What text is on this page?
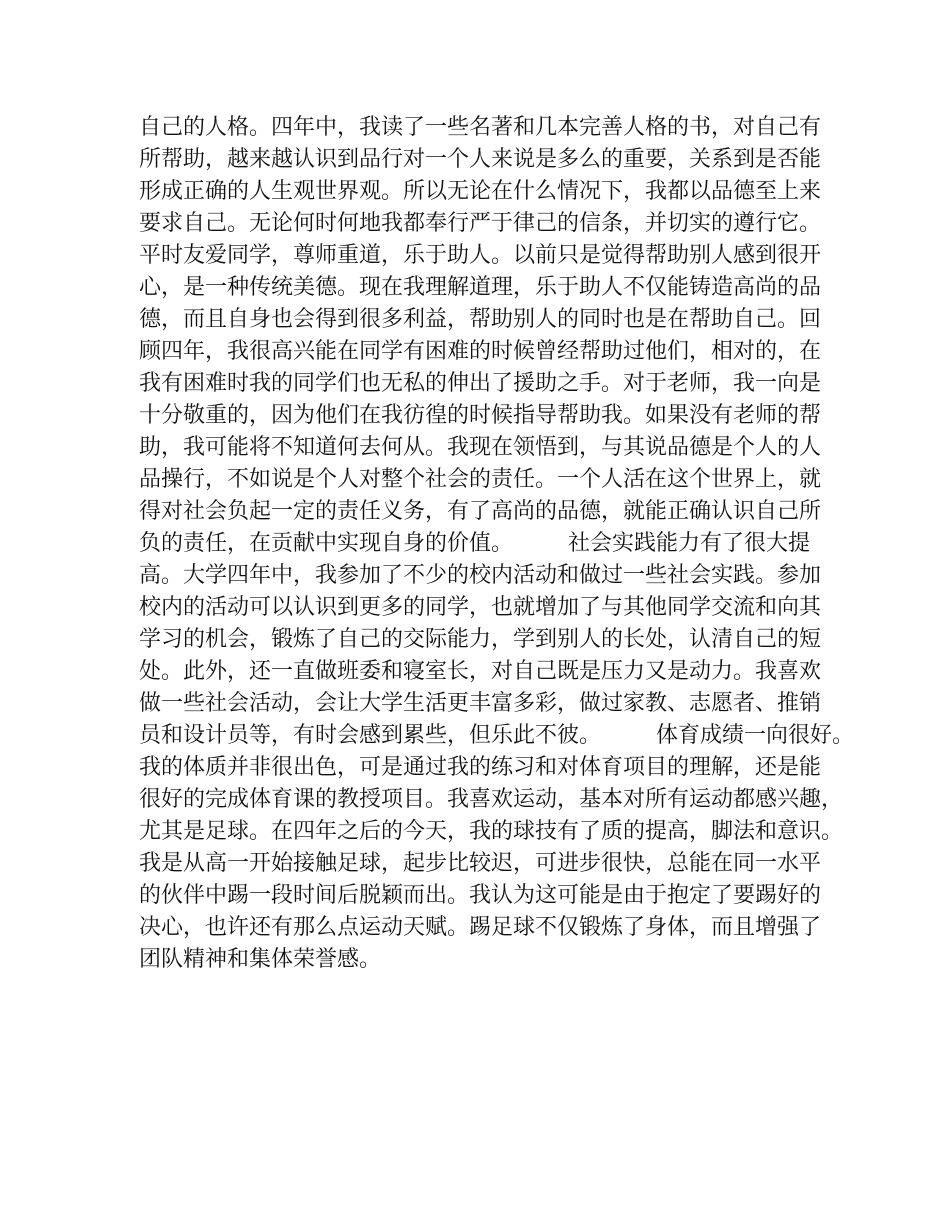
自己的人格。四年中，我读了一些名著和几本完善人格的书，对自己有
所帮助，越来越认识到品行对一个人来说是多么的重要，关系到是否能
形成正确的人生观世界观。所以无论在什么情况下，我都以品德至上来
要求自己。无论何时何地我都奉行严于律己的信条，并切实的遵行它。
平时友爱同学，尊师重道，乐于助人。以前只是觉得帮助别人感到很开
心，是一种传统美德。现在我理解道理，乐于助人不仅能铸造高尚的品
德，而且自身也会得到很多利益，帮助别人的同时也是在帮助自己。回
顾四年，我很高兴能在同学有困难的时候曾经帮助过他们，相对的，在
我有困难时我的同学们也无私的伸出了援助之手。对于老师，我一向是
十分敬重的，因为他们在我彷徨的时候指导帮助我。如果没有老师的帮
助，我可能将不知道何去何从。我现在领悟到，与其说品德是个人的人
品操行，不如说是个人对整个社会的责任。一个人活在这个世界上，就
得对社会负起一定的责任义务，有了高尚的品德，就能正确认识自己所
负的责任，在贡献中实现自身的价值。　　　社会实践能力有了很大提
高。大学四年中，我参加了不少的校内活动和做过一些社会实践。参加
校内的活动可以认识到更多的同学，也就增加了与其他同学交流和向其
学习的机会，锻炼了自己的交际能力，学到别人的长处，认清自己的短
处。此外，还一直做班委和寝室长，对自己既是压力又是动力。我喜欢
做一些社会活动，会让大学生活更丰富多彩，做过家教、志愿者、推销
员和设计员等，有时会感到累些，但乐此不彼。　　　体育成绩一向很好。
我的体质并非很出色，可是通过我的练习和对体育项目的理解，还是能
很好的完成体育课的教授项目。我喜欢运动，基本对所有运动都感兴趣，
尤其是足球。在四年之后的今天，我的球技有了质的提高，脚法和意识。
我是从高一开始接触足球，起步比较迟，可进步很快，总能在同一水平
的伙伴中踢一段时间后脱颖而出。我认为这可能是由于抱定了要踢好的
决心，也许还有那么点运动天赋。踢足球不仅锻炼了身体，而且增强了
团队精神和集体荣誉感。
